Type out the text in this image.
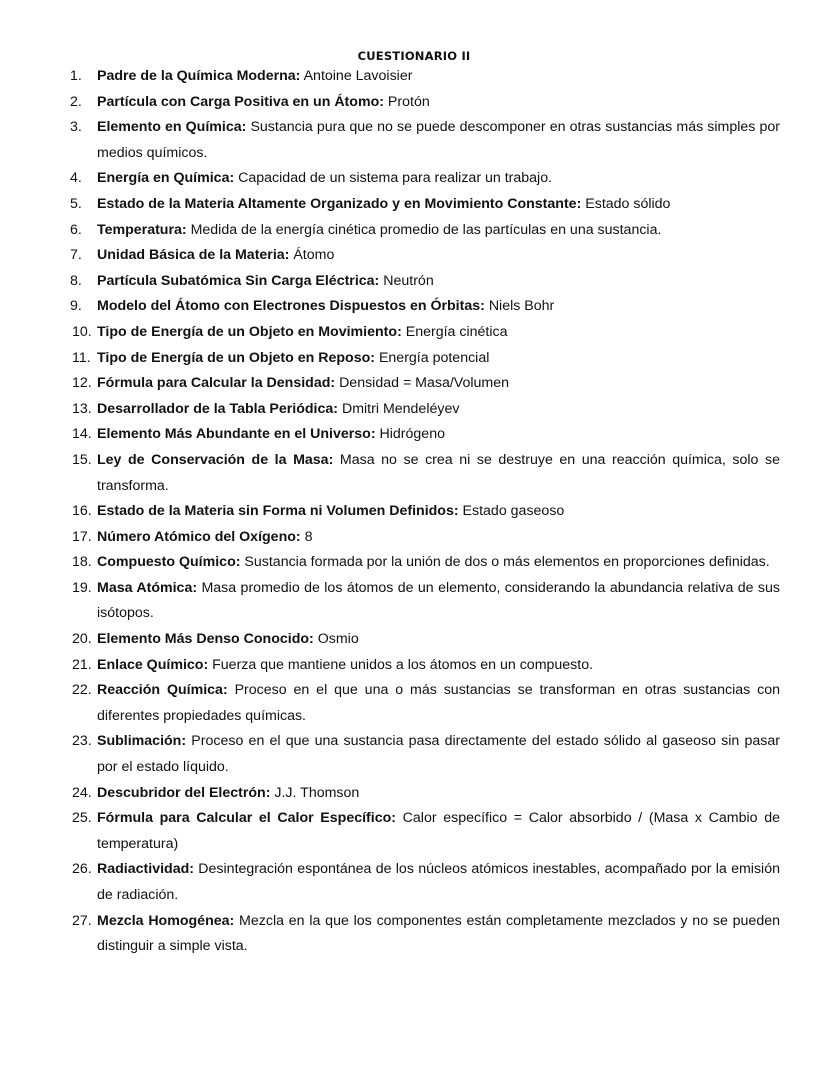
CUESTIONARIO II
1.	Padre de la Química Moderna: Antoine Lavoisier
2.	Partícula con Carga Positiva en un Átomo: Protón
3.	Elemento en Química: Sustancia pura que no se puede descomponer en otras sustancias más simples por medios químicos.
4.	Energía en Química: Capacidad de un sistema para realizar un trabajo.
5.	Estado de la Materia Altamente Organizado y en Movimiento Constante: Estado sólido
6.	Temperatura: Medida de la energía cinética promedio de las partículas en una sustancia.
7.	Unidad Básica de la Materia: Átomo
8.	Partícula Subatómica Sin Carga Eléctrica: Neutrón
9.	Modelo del Átomo con Electrones Dispuestos en Órbitas: Niels Bohr
10. Tipo de Energía de un Objeto en Movimiento: Energía cinética
11. Tipo de Energía de un Objeto en Reposo: Energía potencial
12. Fórmula para Calcular la Densidad: Densidad = Masa/Volumen
13. Desarrollador de la Tabla Periódica: Dmitri Mendeléyev
14. Elemento Más Abundante en el Universo: Hidrógeno
15. Ley de Conservación de la Masa: Masa no se crea ni se destruye en una reacción química, solo se transforma.
16. Estado de la Materia sin Forma ni Volumen Definidos: Estado gaseoso
17. Número Atómico del Oxígeno: 8
18. Compuesto Químico: Sustancia formada por la unión de dos o más elementos en proporciones definidas.
19. Masa Atómica: Masa promedio de los átomos de un elemento, considerando la abundancia relativa de sus isótopos.
20. Elemento Más Denso Conocido: Osmio
21. Enlace Químico: Fuerza que mantiene unidos a los átomos en un compuesto.
22. Reacción Química: Proceso en el que una o más sustancias se transforman en otras sustancias con diferentes propiedades químicas.
23. Sublimación: Proceso en el que una sustancia pasa directamente del estado sólido al gaseoso sin pasar por el estado líquido.
24. Descubridor del Electrón: J.J. Thomson
25. Fórmula para Calcular el Calor Específico: Calor específico = Calor absorbido / (Masa x Cambio de temperatura)
26. Radiactividad: Desintegración espontánea de los núcleos atómicos inestables, acompañado por la emisión de radiación.
27. Mezcla Homogénea: Mezcla en la que los componentes están completamente mezclados y no se pueden distinguir a simple vista.
